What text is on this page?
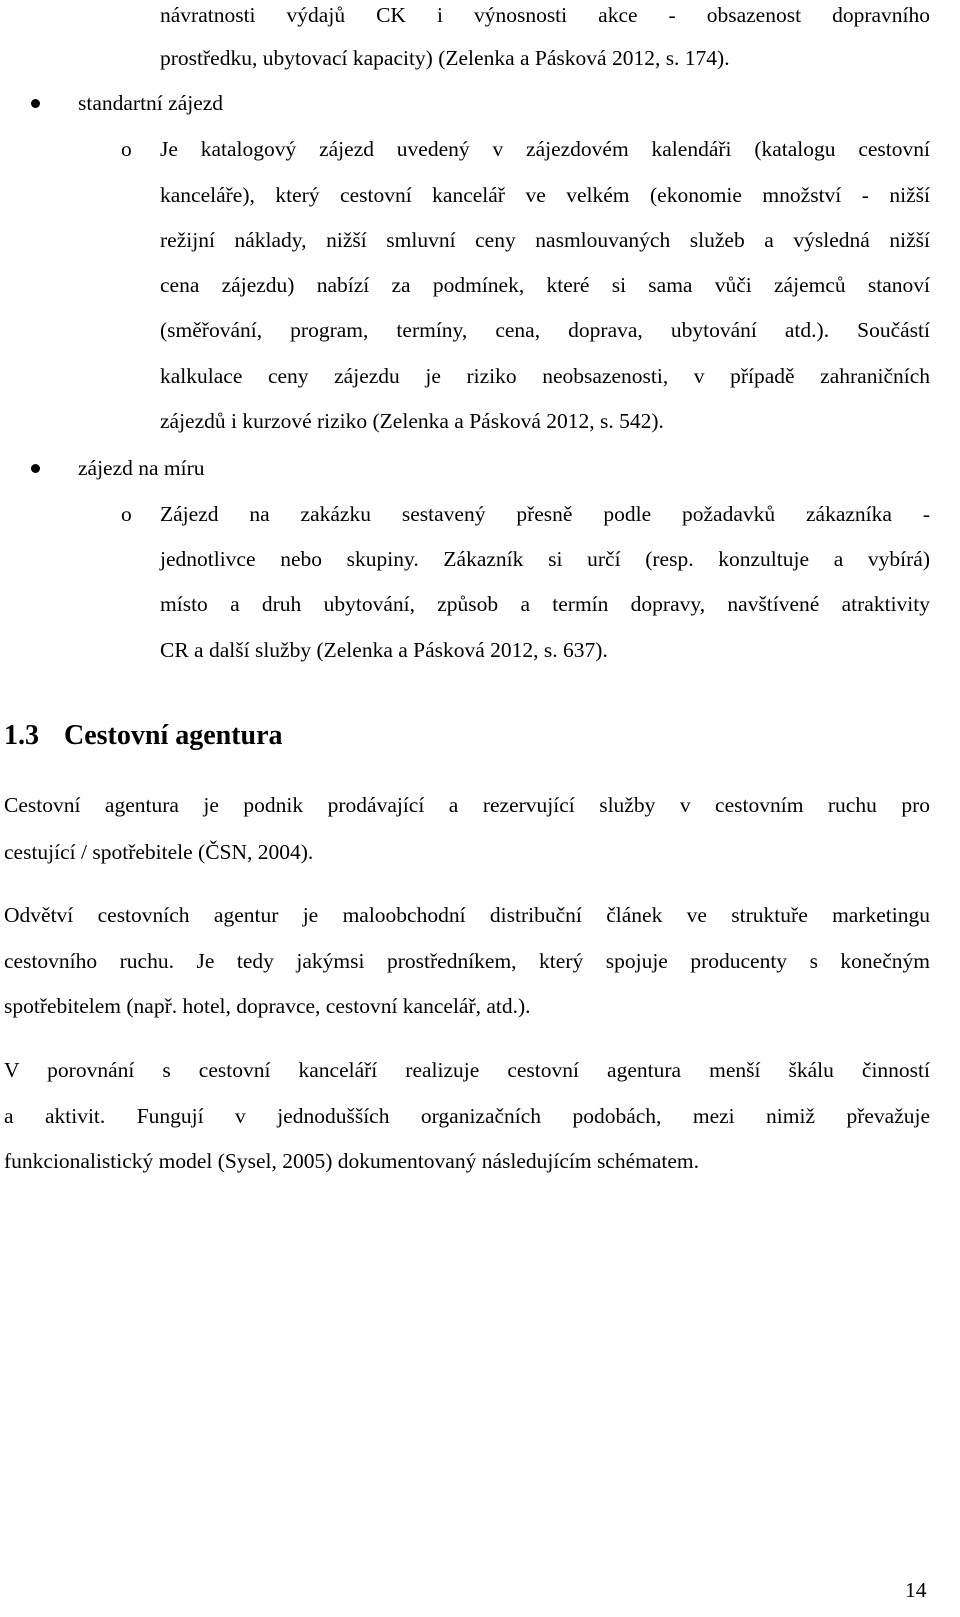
návratnosti výdajů CK i výnosnosti akce - obsazenost dopravního
prostředku, ubytovací kapacity) (Zelenka a Pásková 2012, s. 174).
standartní zájezd
o Je katalogový zájezd uvedený v zájezdovém kalendáři (katalogu cestovní
kanceláře), který cestovní kancelář ve velkém (ekonomie množství - nižší
režijní náklady, nižší smluvní ceny nasmlouvaných služeb a výsledná nižší
cena zájezdu) nabízí za podmínek, které si sama vůči zájemců stanoví
(směřování, program, termíny, cena, doprava, ubytování atd.). Součástí
kalkulace ceny zájezdu je riziko neobsazenosti, v případě zahraničních
zájezdů i kurzové riziko (Zelenka a Pásková 2012, s. 542).
zájezd na míru
o Zájezd na zakázku sestavený přesně podle požadavků zákazníka -
jednotlivce nebo skupiny. Zákazník si určí (resp. konzultuje a vybírá)
místo a druh ubytování, způsob a termín dopravy, navštívené atraktivity
CR a další služby (Zelenka a Pásková 2012, s. 637).
1.3 Cestovní agentura
Cestovní agentura je podnik prodávající a rezervující služby v cestovním ruchu pro
cestující / spotřebitele (ČSN, 2004).
Odvětví cestovních agentur je maloobchodní distribuční článek ve struktuře marketingu
cestovního ruchu. Je tedy jakýmsi prostředníkem, který spojuje producenty s konečným
spotřebitelem (např. hotel, dopravce, cestovní kancelář, atd.).
V porovnání s cestovní kanceláří realizuje cestovní agentura menší škálu činností
a aktivit. Fungují v jednodušších organizačních podobách, mezi nimiž převažuje
funkcionalistický model (Sysel, 2005) dokumentovaný následujícím schématem.
14
